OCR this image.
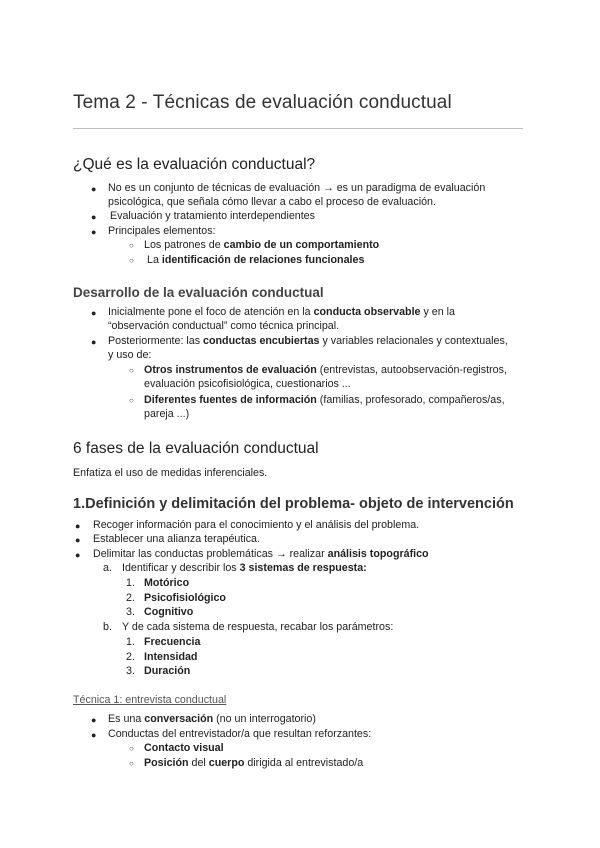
Tema 2 - Técnicas de evaluación conductual
¿Qué es la evaluación conductual?
● No es un conjunto de técnicas de evaluación → es un paradigma de evaluación

psicológica, que señala cómo llevar a cabo el proceso de evaluación.

● Evaluación y tratamiento interdependientes

● Principales elementos:

○ Los patrones de cambio de un comportamiento

○ La identificación de relaciones funcionales

Desarrollo de la evaluación conductual
● Inicialmente pone el foco de atención en la conducta observable y en la

“observación conductual” como técnica principal.

● Posteriormente: las conductas encubiertas y variables relacionales y contextuales,

y uso de:

○ Otros instrumentos de evaluación (entrevistas, autoobservación-registros,

evaluación psicofisiológica, cuestionarios ...

○ Diferentes fuentes de información (familias, profesorado, compañeros/as,

pareja ...)

6 fases de la evaluación conductual

Enfatiza el uso de medidas inferenciales.

1.Definición y delimitación del problema- objeto de intervención
● Recoger información para el conocimiento y el análisis del problema.

● Establecer una alianza terapéutica.

● Delimitar las conductas problemáticas → realizar análisis topográfico

a. Identificar y describir los 3 sistemas de respuesta:

1. Motórico

2. Psicofisiológico

3. Cognitivo

b. Y de cada sistema de respuesta, recabar los parámetros:

1. Frecuencia

2. Intensidad

3. Duración

Técnica 1: entrevista conductual

● Es una conversación (no un interrogatorio)

● Conductas del entrevistador/a que resultan reforzantes:

○ Contacto visual

○ Posición del cuerpo dirigida al entrevistado/a
